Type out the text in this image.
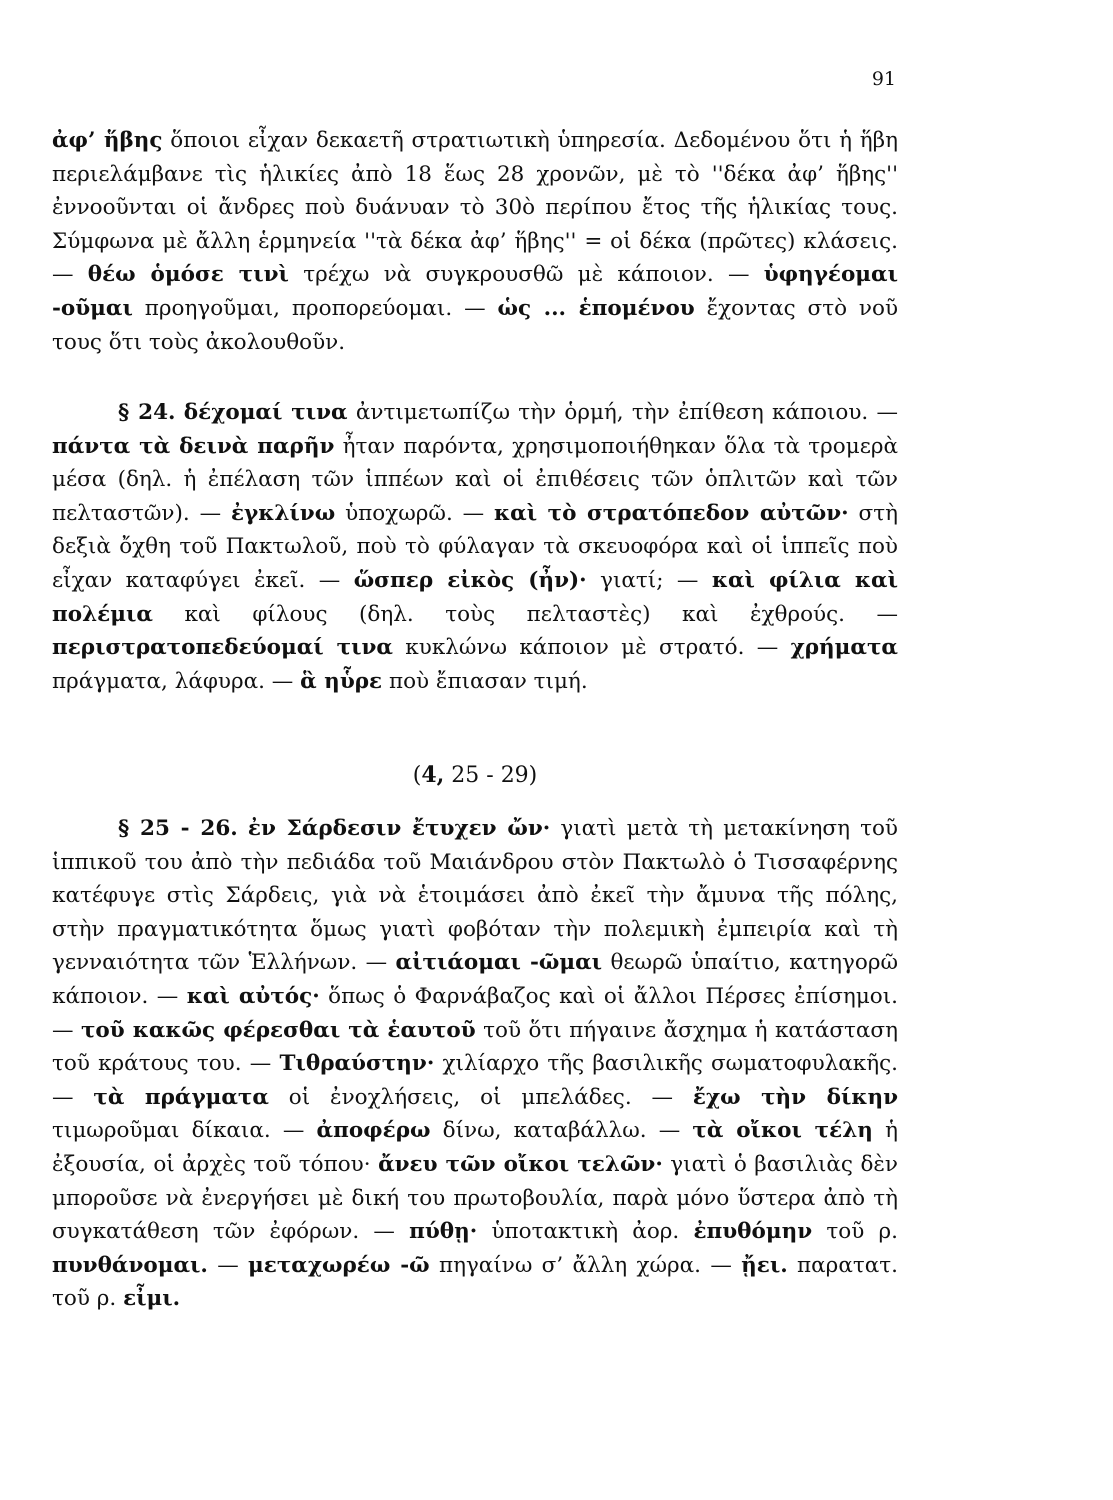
91

ἀφ’ ἥβης ὅποιοι εἶχαν δεκαετῆ στρατιωτικὴ ὑπηρεσία. Δεδομένου ὅτι ἡ ἥβη περιελάμβανε τὶς ἡλικίες ἀπὸ 18 ἕως 28 χρονῶν, μὲ τὸ ''δέκα ἀφ’ ἥβης'' ἐννοοῦνται οἱ ἄνδρες ποὺ δυάνυαν τὸ 30ὸ περίπου ἔτος τῆς ἡλικίας τους. Σύμφωνα μὲ ἄλλη ἑρμηνεία ''τὰ δέκα ἀφ’ ἥβης'' = οἱ δέκα (πρῶτες) κλάσεις. — θέω ὁμόσε τινὶ τρέχω νὰ συγκρουσθῶ μὲ κάποιον. — ὑφηγέομαι -οῦμαι προηγοῦμαι, προπορεύομαι. — ὡς ... ἑπομένου ἔχοντας στὸ νοῦ τους ὅτι τοὺς ἀκολουθοῦν.

§ 24. δέχομαί τινα ἀντιμετωπίζω τὴν ὁρμή, τὴν ἐπίθεση κάποιου. — πάντα τὰ δεινὰ παρῆν ἦταν παρόντα, χρησιμοποιήθηκαν ὅλα τὰ τρομερὰ μέσα (δηλ. ἡ ἐπέλαση τῶν ἱππέων καὶ οἱ ἐπιθέσεις τῶν ὁπλιτῶν καὶ τῶν πελταστῶν). — ἐγκλίνω ὑποχωρῶ. — καὶ τὸ στρατόπεδον αὐτῶν· στὴ δεξιὰ ὄχθη τοῦ Πακτωλοῦ, ποὺ τὸ φύλαγαν τὰ σκευοφόρα καὶ οἱ ἱππεῖς ποὺ εἶχαν καταφύγει ἐκεῖ. — ὥσπερ εἰκὸς (ἦν)· γιατί; — καὶ φίλια καὶ πολέμια καὶ φίλους (δηλ. τοὺς πελταστὲς) καὶ ἐχθρούς. — περιστρατοπεδεύομαί τινα κυκλώνω κάποιον μὲ στρατό. — χρήματα πράγματα, λάφυρα. — ἃ ηὗρε ποὺ ἔπιασαν τιμή.

(4, 25 - 29)

§ 25 - 26. ἐν Σάρδεσιν ἔτυχεν ὤν· γιατὶ μετὰ τὴ μετακίνηση τοῦ ἱππικοῦ του ἀπὸ τὴν πεδιάδα τοῦ Μαιάνδρου στὸν Πακτωλὸ ὁ Τισσαφέρνης κατέφυγε στὶς Σάρδεις, γιὰ νὰ ἑτοιμάσει ἀπὸ ἐκεῖ τὴν ἄμυνα τῆς πόλης, στὴν πραγματικότητα ὅμως γιατὶ φοβόταν τὴν πολεμικὴ ἐμπειρία καὶ τὴ γενναιότητα τῶν Ἑλλήνων. — αἰτιάομαι -ῶμαι θεωρῶ ὑπαίτιο, κατηγορῶ κάποιον. — καὶ αὐτός· ὅπως ὁ Φαρνάβαζος καὶ οἱ ἄλλοι Πέρσες ἐπίσημοι. — τοῦ κακῶς φέρεσθαι τὰ ἑαυτοῦ τοῦ ὅτι πήγαινε ἄσχημα ἡ κατάσταση τοῦ κράτους του. — Τιθραύστην· χιλίαρχο τῆς βασιλικῆς σωματοφυλακῆς. — τὰ πράγματα οἱ ἐνοχλήσεις, οἱ μπελάδες. — ἔχω τὴν δίκην τιμωροῦμαι δίκαια. — ἀποφέρω δίνω, καταβάλλω. — τὰ οἴκοι τέλη ἡ ἐξουσία, οἱ ἀρχὲς τοῦ τόπου· ἄνευ τῶν οἴκοι τελῶν· γιατὶ ὁ βασιλιὰς δὲν μποροῦσε νὰ ἐνεργήσει μὲ δική του πρωτοβουλία, παρὰ μόνο ὕστερα ἀπὸ τὴ συγκατάθεση τῶν ἐφόρων. — πύθῃ· ὑποτακτικὴ ἀορ. ἐπυθόμην τοῦ ρ. πυνθάνομαι. — μεταχωρέω -ῶ πηγαίνω σ’ ἄλλη χώρα. — ᾔει. παρατατ. τοῦ ρ. εἶμι.
